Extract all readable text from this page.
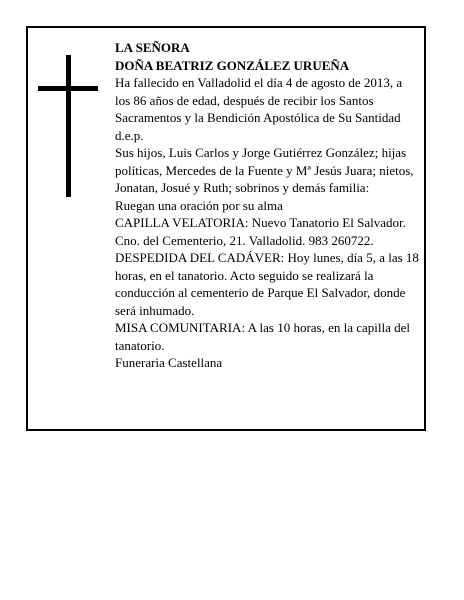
LA SEÑORA

DOÑA BEATRIZ GONZÁLEZ URUEÑA

Ha fallecido en Valladolid el día 4 de agosto de 2013, a los 86 años de edad, después de recibir los Santos Sacramentos y la Bendición Apostólica de Su Santidad d.e.p.

Sus hijos, Luis Carlos y Jorge Gutiérrez González; hijas políticas, Mercedes de la Fuente y Mª Jesús Juara; nietos, Jonatan, Josué y Ruth; sobrinos y demás familia:

Ruegan una oración por su alma

CAPILLA VELATORIA: Nuevo Tanatorio El Salvador. Cno. del Cementerio, 21. Valladolid. 983 260722.

DESPEDIDA DEL CADÁVER: Hoy lunes, día 5, a las 18 horas, en el tanatorio. Acto seguido se realizará la conducción al cementerio de Parque El Salvador, donde será inhumado.

MISA COMUNITARIA: A las 10 horas, en la capilla del tanatorio.

Funeraria Castellana
